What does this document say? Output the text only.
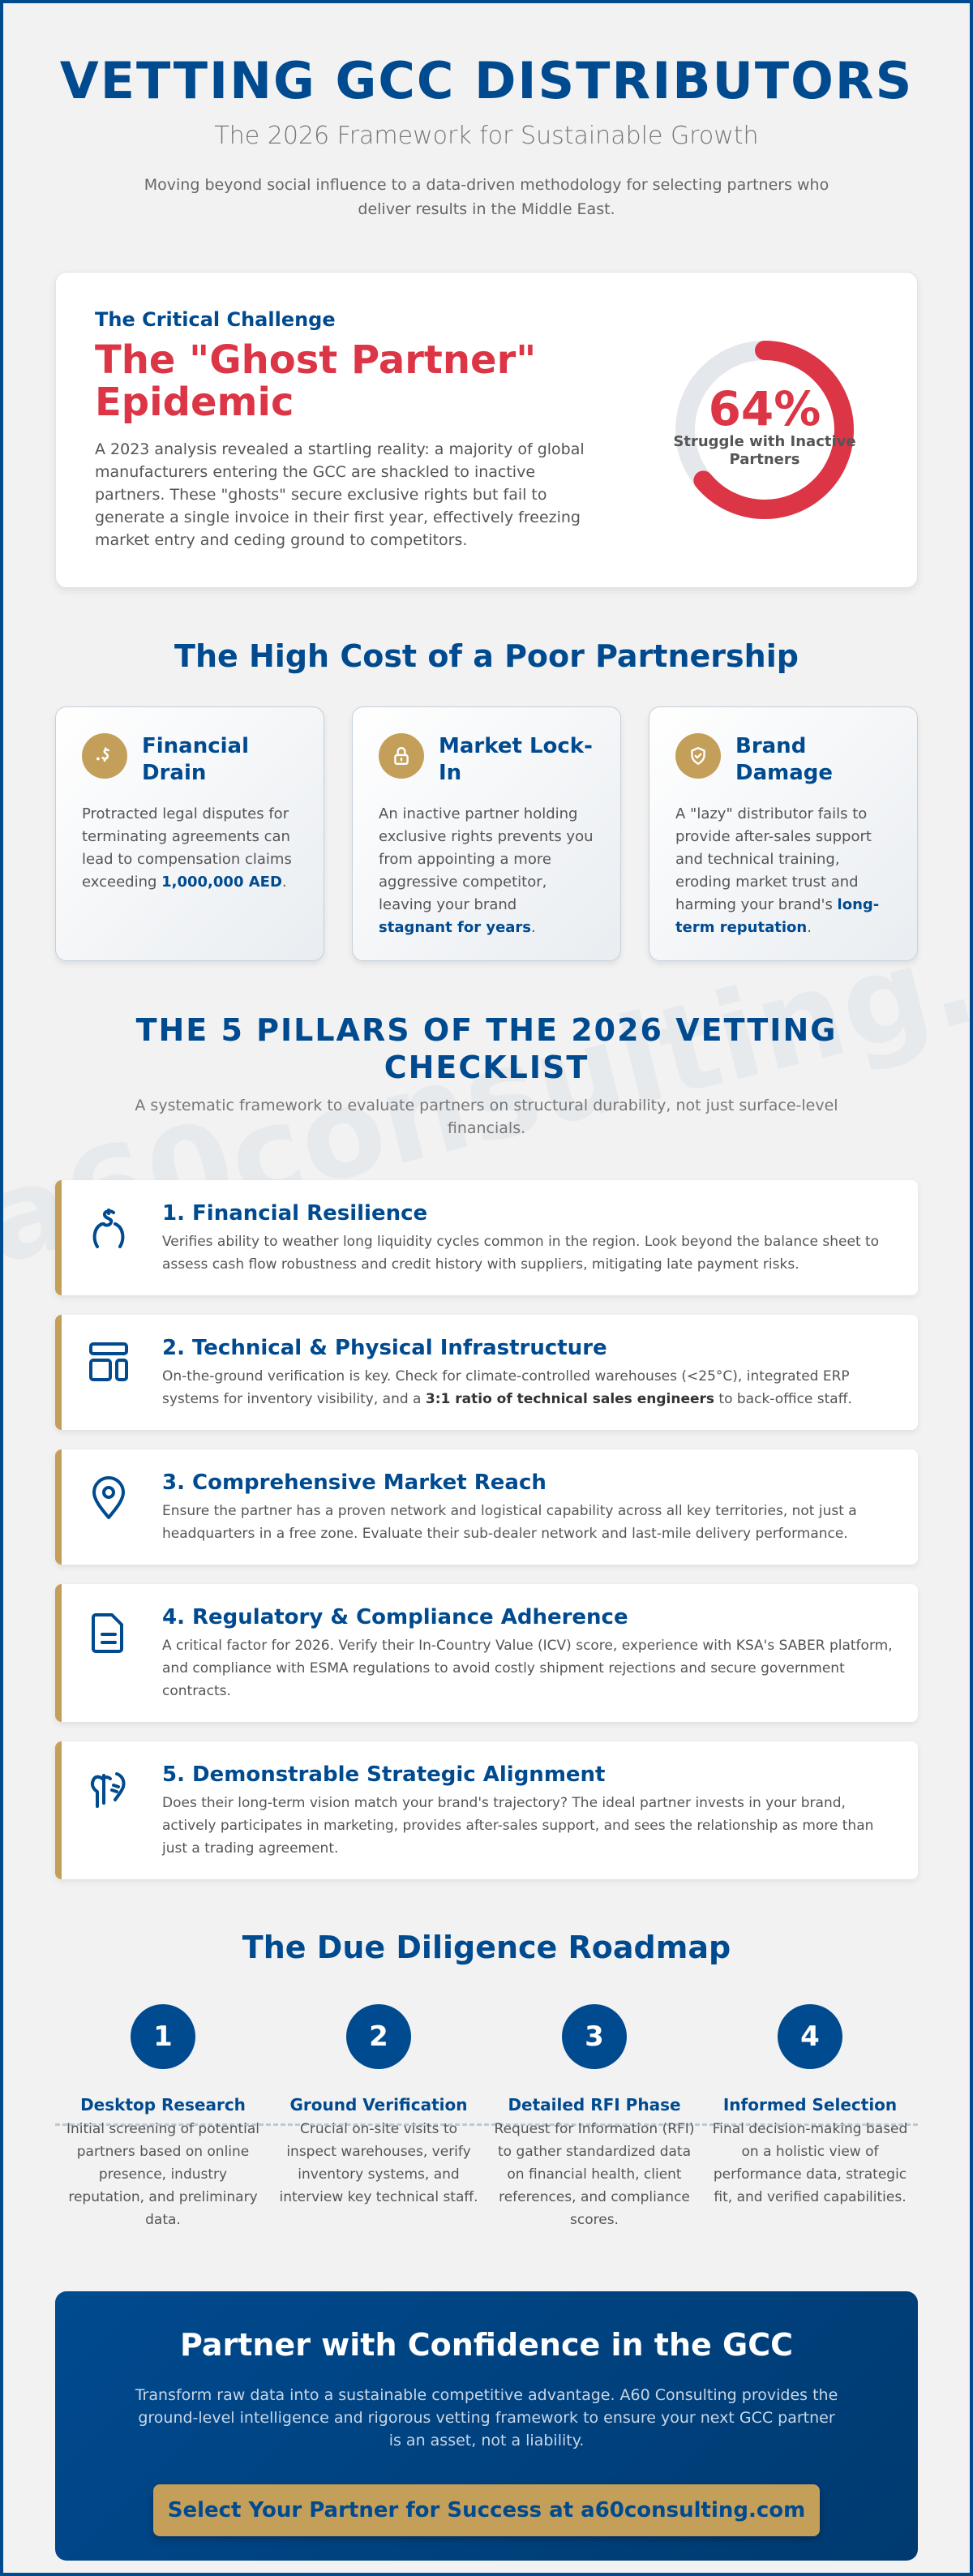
VETTING GCC DISTRIBUTORS
The 2026 Framework for Sustainable Growth

Moving beyond social influence to a data-driven methodology for selecting partners who deliver results in the Middle East.

The Critical Challenge
The "Ghost Partner" Epidemic

A 2023 analysis revealed a startling reality: a majority of global manufacturers entering the GCC are shackled to inactive partners. These "ghosts" secure exclusive rights but fail to generate a single invoice in their first year, effectively freezing market entry and ceding ground to competitors.

64%
Struggle with Inactive Partners
The High Cost of a Poor Partnership
Financial Drain

Protracted legal disputes for terminating agreements can lead to compensation claims exceeding 1,000,000 AED.

Market Lock-In

An inactive partner holding exclusive rights prevents you from appointing a more aggressive competitor, leaving your brand stagnant for years.

Brand Damage

A "lazy" distributor fails to provide after-sales support and technical training, eroding market trust and harming your brand's long-term reputation.

THE 5 PILLARS OF THE 2026 VETTING CHECKLIST

A systematic framework to evaluate partners on structural durability, not just surface-level financials.

1. Financial Resilience

Verifies ability to weather long liquidity cycles common in the region. Look beyond the balance sheet to assess cash flow robustness and credit history with suppliers, mitigating late payment risks.

2. Technical & Physical Infrastructure

On-the-ground verification is key. Check for climate-controlled warehouses (<25°C), integrated ERP systems for inventory visibility, and a 3:1 ratio of technical sales engineers to back-office staff.

3. Comprehensive Market Reach

Ensure the partner has a proven network and logistical capability across all key territories, not just a headquarters in a free zone. Evaluate their sub-dealer network and last-mile delivery performance.

4. Regulatory & Compliance Adherence

A critical factor for 2026. Verify their In-Country Value (ICV) score, experience with KSA's SABER platform, and compliance with ESMA regulations to avoid costly shipment rejections and secure government contracts.

5. Demonstrable Strategic Alignment

Does their long-term vision match your brand's trajectory? The ideal partner invests in your brand, actively participates in marketing, provides after-sales support, and sees the relationship as more than just a trading agreement.

The Due Diligence Roadmap
1
Desktop Research

Initial screening of potential partners based on online presence, industry reputation, and preliminary data.

2
Ground Verification

Crucial on-site visits to inspect warehouses, verify inventory systems, and interview key technical staff.

3
Detailed RFI Phase

Request for Information (RFI) to gather standardized data on financial health, client references, and compliance scores.

4
Informed Selection

Final decision-making based on a holistic view of performance data, strategic fit, and verified capabilities.

Partner with Confidence in the GCC

Transform raw data into a sustainable competitive advantage. A60 Consulting provides the ground-level intelligence and rigorous vetting framework to ensure your next GCC partner is an asset, not a liability.

Select Your Partner for Success at a60consulting.com
